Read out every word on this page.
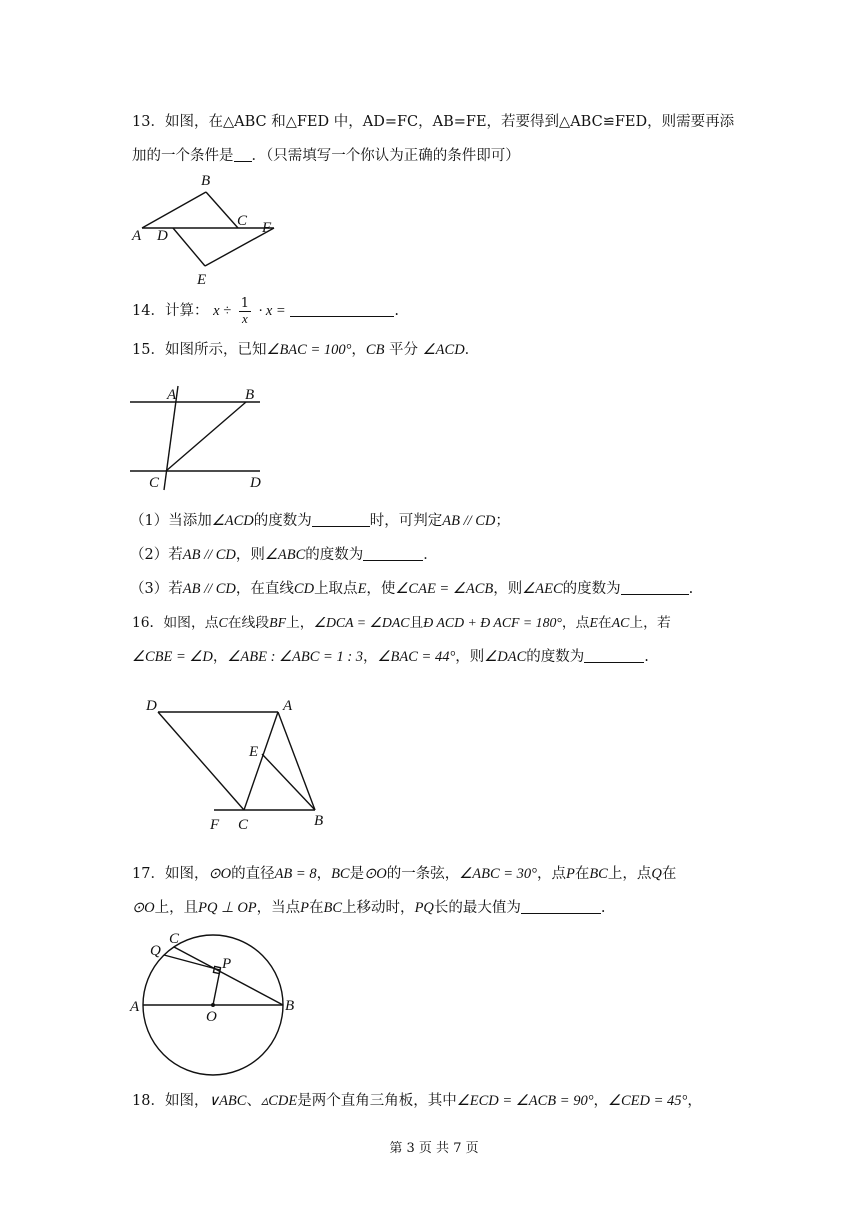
13．如图，在△ABC 和△FED 中，AD=FC，AB=FE，若要得到△ABC≌FED，则需要再添
加的一个条件是 ．（只需填写一个你认为正确的条件即可）
B
A D
C F
E
14．计算： $x \div \frac{1}{x} \cdot x$ =	.
15．如图所示，已知∠BAC = 100°，CB 平分 ∠ACD．
A	B
C	D
（1）当添加∠ACD的度数为	时，可判定AB // CD；
（2）若AB // CD，则∠ABC的度数为	．
（3）若AB // CD，在直线CD上取点E，使∠CAE = ∠ACB，则∠AEC的度数为	.
16．如图，点C在线段BF上，∠DCA = ∠DAC且Ð ACD + Ð ACF = 180°，点E在AC上，若
∠CBE = ∠D，∠ABE : ∠ABC = 1 : 3，∠BAC = 44°，则∠DAC的度数为	.
D	A
E
F C	B
17．如图，⊙O的直径AB = 8，BC是⊙O的一条弦，∠ABC = 30°，点P在BC上，点Q在
⊙O上，且PQ ⊥ OP，当点P在BC上移动时，PQ长的最大值为	.
C
Q
P
A
O
B
18．如图，∨ABC、▵CDE是两个直角三角板，其中∠ECD = ∠ACB = 90°，∠CED = 45°，
第 3 页 共 7 页
